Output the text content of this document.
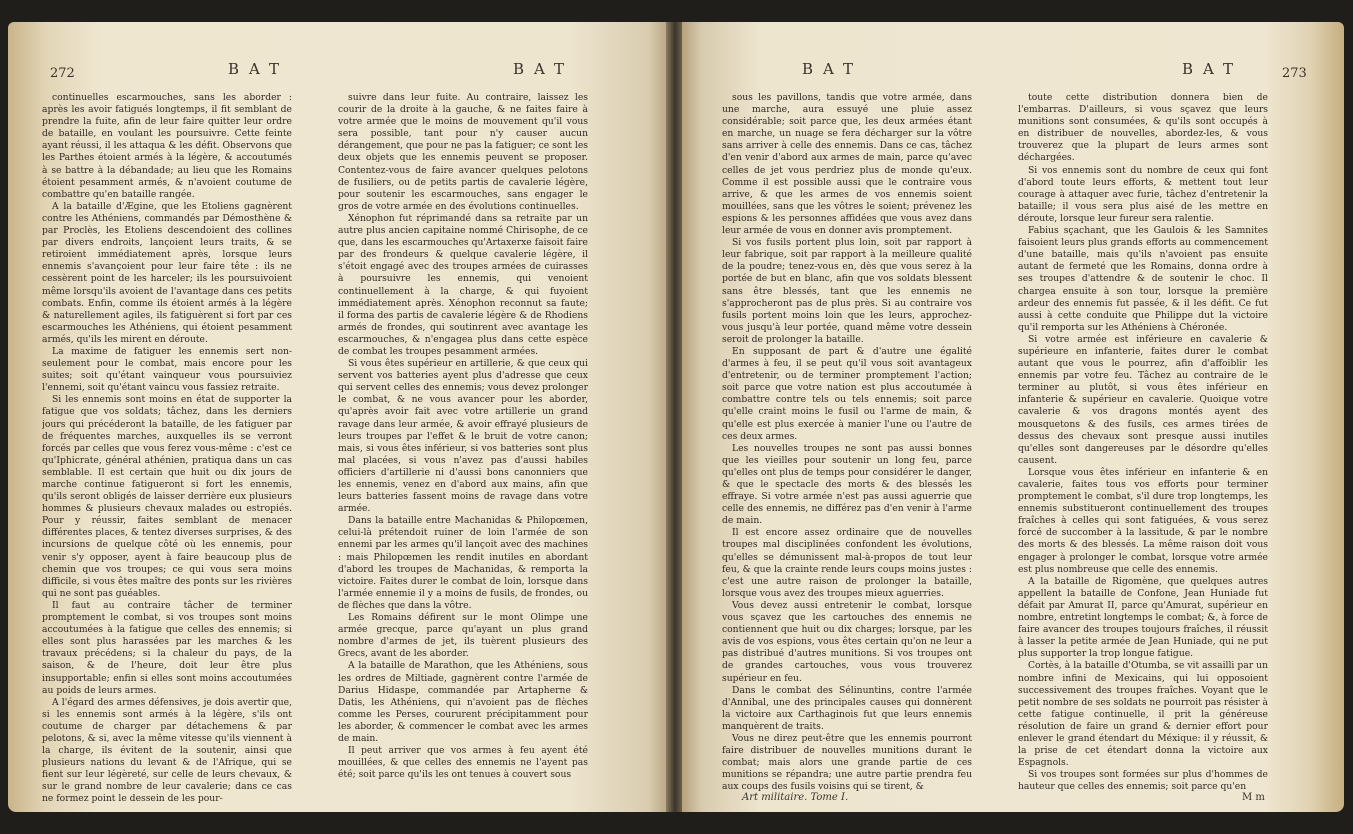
272	BAT	BAT

continuelles escarmouches, sans les aborder : après les avoir fatigués longtemps, il fit semblant de prendre la fuite, afin de leur faire quitter leur ordre de bataille, en voulant les poursuivre. Cette feinte ayant réussi, il les attaqua & les défit. Observons que les Parthes étoient armés à la légère, & accoutumés à se battre à la débandade; au lieu que les Romains étoient pesamment armés, & n'avoient coutume de combattre qu'en bataille rangée.

A la bataille d'Ægine, que les Etoliens gagnèrent contre les Athéniens, commandés par Démosthène & par Proclès, les Etoliens descendoient des collines par divers endroits, lançoient leurs traits, & se retiroient immédiatement après, lorsque leurs ennemis s'avançoient pour leur faire tête : ils ne cessèrent point de les harceler; ils les poursuivoient même lorsqu'ils avoient de l'avantage dans ces petits combats. Enfin, comme ils étoient armés à la légère & naturellement agiles, ils fatiguèrent si fort par ces escarmouches les Athéniens, qui étoient pesamment armés, qu'ils les mirent en déroute.

La maxime de fatiguer les ennemis sert non-seulement pour le combat, mais encore pour les suites; soit qu'étant vainqueur vous poursuiviez l'ennemi, soit qu'étant vaincu vous fassiez retraite.

Si les ennemis sont moins en état de supporter la fatigue que vos soldats; tâchez, dans les derniers jours qui précéderont la bataille, de les fatiguer par de fréquentes marches, auxquelles ils se verront forcés par celles que vous ferez vous-même : c'est ce qu'Iphicrate, général athénien, pratiqua dans un cas semblable. Il est certain que huit ou dix jours de marche continue fatigueront si fort les ennemis, qu'ils seront obligés de laisser derrière eux plusieurs hommes & plusieurs chevaux malades ou estropiés. Pour y réussir, faites semblant de menacer différentes places, & tentez diverses surprises, & des incursions de quelque côté où les ennemis, pour venir s'y opposer, ayent à faire beaucoup plus de chemin que vos troupes; ce qui vous sera moins difficile, si vous êtes maître des ponts sur les rivières qui ne sont pas guéables.

Il faut au contraire tâcher de terminer promptement le combat, si vos troupes sont moins accoutumées à la fatigue que celles des ennemis; si elles sont plus harassées par les marches & les travaux précédens; si la chaleur du pays, de la saison, & de l'heure, doit leur être plus insupportable; enfin si elles sont moins accoutumées au poids de leurs armes.

A l'égard des armes défensives, je dois avertir que, si les ennemis sont armés à la légère, s'ils ont coutume de charger par détachemens & par pelotons, & si, avec la même vitesse qu'ils viennent à la charge, ils évitent de la soutenir, ainsi que plusieurs nations du levant & de l'Afrique, qui se fient sur leur légèreté, sur celle de leurs chevaux, & sur le grand nombre de leur cavalerie; dans ce cas ne formez point le dessein de les pour-

suivre dans leur fuite. Au contraire, laissez les courir de la droite à la gauche, & ne faites faire à votre armée que le moins de mouvement qu'il vous sera possible, tant pour n'y causer aucun dérangement, que pour ne pas la fatiguer; ce sont les deux objets que les ennemis peuvent se proposer. Contentez-vous de faire avancer quelques pelotons de fusiliers, ou de petits partis de cavalerie légère, pour soutenir les escarmouches, sans engager le gros de votre armée en des évolutions continuelles.

Xénophon fut réprimandé dans sa retraite par un autre plus ancien capitaine nommé Chirisophe, de ce que, dans les escarmouches qu'Artaxerxe faisoit faire par des frondeurs & quelque cavalerie légère, il s'étoit engagé avec des troupes armées de cuirasses à poursuivre les ennemis, qui venoient continuellement à la charge, & qui fuyoient immédiatement après. Xénophon reconnut sa faute; il forma des partis de cavalerie légère & de Rhodiens armés de frondes, qui soutinrent avec avantage les escarmouches, & n'engagea plus dans cette espèce de combat les troupes pesamment armées.

Si vous êtes supérieur en artillerie, & que ceux qui servent vos batteries ayent plus d'adresse que ceux qui servent celles des ennemis; vous devez prolonger le combat, & ne vous avancer pour les aborder, qu'après avoir fait avec votre artillerie un grand ravage dans leur armée, & avoir effrayé plusieurs de leurs troupes par l'effet & le bruit de votre canon; mais, si vous êtes inférieur, si vos batteries sont plus mal placées, si vous n'avez pas d'aussi habiles officiers d'artillerie ni d'aussi bons canonniers que les ennemis, venez en d'abord aux mains, afin que leurs batteries fassent moins de ravage dans votre armée.

Dans la bataille entre Machanidas & Philopœmen, celui-là prétendoit ruiner de loin l'armée de son ennemi par les armes qu'il lançoit avec des machines : mais Philopœmen les rendit inutiles en abordant d'abord les troupes de Machanidas, & remporta la victoire. Faites durer le combat de loin, lorsque dans l'armée ennemie il y a moins de fusils, de frondes, ou de flèches que dans la vôtre.

Les Romains défirent sur le mont Olimpe une armée grecque, parce qu'ayant un plus grand nombre d'armes de jet, ils tuèrent plusieurs des Grecs, avant de les aborder.

A la bataille de Marathon, que les Athéniens, sous les ordres de Miltiade, gagnèrent contre l'armée de Darius Hidaspe, commandée par Artapherne & Datis, les Athéniens, qui n'avoient pas de flèches comme les Perses, coururent précipitamment pour les aborder, & commencer le combat avec les armes de main.

Il peut arriver que vos armes à feu ayent été mouillées, & que celles des ennemis ne l'ayent pas été; soit parce qu'ils les ont tenues à couvert sous

BAT	BAT	273

sous les pavillons, tandis que votre armée, dans une marche, aura essuyé une pluie assez considérable; soit parce que, les deux armées étant en marche, un nuage se fera décharger sur la vôtre sans arriver à celle des ennemis. Dans ce cas, tâchez d'en venir d'abord aux armes de main, parce qu'avec celles de jet vous perdriez plus de monde qu'eux. Comme il est possible aussi que le contraire vous arrive, & que les armes de vos ennemis soient mouillées, sans que les vôtres le soient; prévenez les espions & les personnes affidées que vous avez dans leur armée de vous en donner avis promptement.

Si vos fusils portent plus loin, soit par rapport à leur fabrique, soit par rapport à la meilleure qualité de la poudre; tenez-vous en, dès que vous serez à la portée de but en blanc, afin que vos soldats blessent sans être blessés, tant que les ennemis ne s'approcheront pas de plus près. Si au contraire vos fusils portent moins loin que les leurs, approchez-vous jusqu'à leur portée, quand même votre dessein seroit de prolonger la bataille.

En supposant de part & d'autre une égalité d'armes à feu, il se peut qu'il vous soit avantageux d'entretenir, ou de terminer promptement l'action; soit parce que votre nation est plus accoutumée à combattre contre tels ou tels ennemis; soit parce qu'elle craint moins le fusil ou l'arme de main, & qu'elle est plus exercée à manier l'une ou l'autre de ces deux armes.

Les nouvelles troupes ne sont pas aussi bonnes que les vieilles pour soutenir un long feu, parce qu'elles ont plus de temps pour considérer le danger, & que le spectacle des morts & des blessés les effraye. Si votre armée n'est pas aussi aguerrie que celle des ennemis, ne différez pas d'en venir à l'arme de main.

Il est encore assez ordinaire que de nouvelles troupes mal disciplinées confondent les évolutions, qu'elles se démunissent mal-à-propos de tout leur feu, & que la crainte rende leurs coups moins justes : c'est une autre raison de prolonger la bataille, lorsque vous avez des troupes mieux aguerries.

Vous devez aussi entretenir le combat, lorsque vous sçavez que les cartouches des ennemis ne contiennent que huit ou dix charges; lorsque, par les avis de vos espions, vous êtes certain qu'on ne leur a pas distribué d'autres munitions. Si vos troupes ont de grandes cartouches, vous vous trouverez supérieur en feu.

Dans le combat des Sélinuntins, contre l'armée d'Annibal, une des principales causes qui donnèrent la victoire aux Carthaginois fut que leurs ennemis manquèrent de traits.

Vous ne direz peut-être que les ennemis pourront faire distribuer de nouvelles munitions durant le combat; mais alors une grande partie de ces munitions se répandra; une autre partie prendra feu aux coups des fusils voisins qui se tirent, &

toute cette distribution donnera bien de l'embarras. D'ailleurs, si vous sçavez que leurs munitions sont consumées, & qu'ils sont occupés à en distribuer de nouvelles, abordez-les, & vous trouverez que la plupart de leurs armes sont déchargées.

Si vos ennemis sont du nombre de ceux qui font d'abord toute leurs efforts, & mettent tout leur courage à attaquer avec furie, tâchez d'entretenir la bataille; il vous sera plus aisé de les mettre en déroute, lorsque leur fureur sera ralentie.

Fabius sçachant, que les Gaulois & les Samnites faisoient leurs plus grands efforts au commencement d'une bataille, mais qu'ils n'avoient pas ensuite autant de fermeté que les Romains, donna ordre à ses troupes d'attendre & de soutenir le choc. Il chargea ensuite à son tour, lorsque la première ardeur des ennemis fut passée, & il les défit. Ce fut aussi à cette conduite que Philippe dut la victoire qu'il remporta sur les Athéniens à Chéronée.

Si votre armée est inférieure en cavalerie & supérieure en infanterie, faites durer le combat autant que vous le pourrez, afin d'affoiblir les ennemis par votre feu. Tâchez au contraire de le terminer au plutôt, si vous êtes inférieur en infanterie & supérieur en cavalerie. Quoique votre cavalerie & vos dragons montés ayent des mousquetons & des fusils, ces armes tirées de dessus des chevaux sont presque aussi inutiles qu'elles sont dangereuses par le désordre qu'elles causent.

Lorsque vous êtes inférieur en infanterie & en cavalerie, faites tous vos efforts pour terminer promptement le combat, s'il dure trop longtemps, les ennemis substitueront continuellement des troupes fraîches à celles qui sont fatiguées, & vous serez forcé de succomber à la lassitude, & par le nombre des morts & des blessés. La même raison doit vous engager à prolonger le combat, lorsque votre armée est plus nombreuse que celle des ennemis.

A la bataille de Rigomène, que quelques autres appellent la bataille de Confone, Jean Huniade fut défait par Amurat II, parce qu'Amurat, supérieur en nombre, entretint longtemps le combat; &, à force de faire avancer des troupes toujours fraîches, il réussit à lasser la petite armée de Jean Huniade, qui ne put plus supporter la trop longue fatigue.

Cortès, à la bataille d'Otumba, se vit assailli par un nombre infini de Mexicains, qui lui opposoient successivement des troupes fraîches. Voyant que le petit nombre de ses soldats ne pourroit pas résister à cette fatigue continuelle, il prit la généreuse résolution de faire un grand & dernier effort pour enlever le grand étendart du Méxique: il y réussit, & la prise de cet étendart donna la victoire aux Espagnols.

Si vos troupes sont formées sur plus d'hommes de hauteur que celles des ennemis; soit parce qu'en

Art militaire. Tome I.	M m
